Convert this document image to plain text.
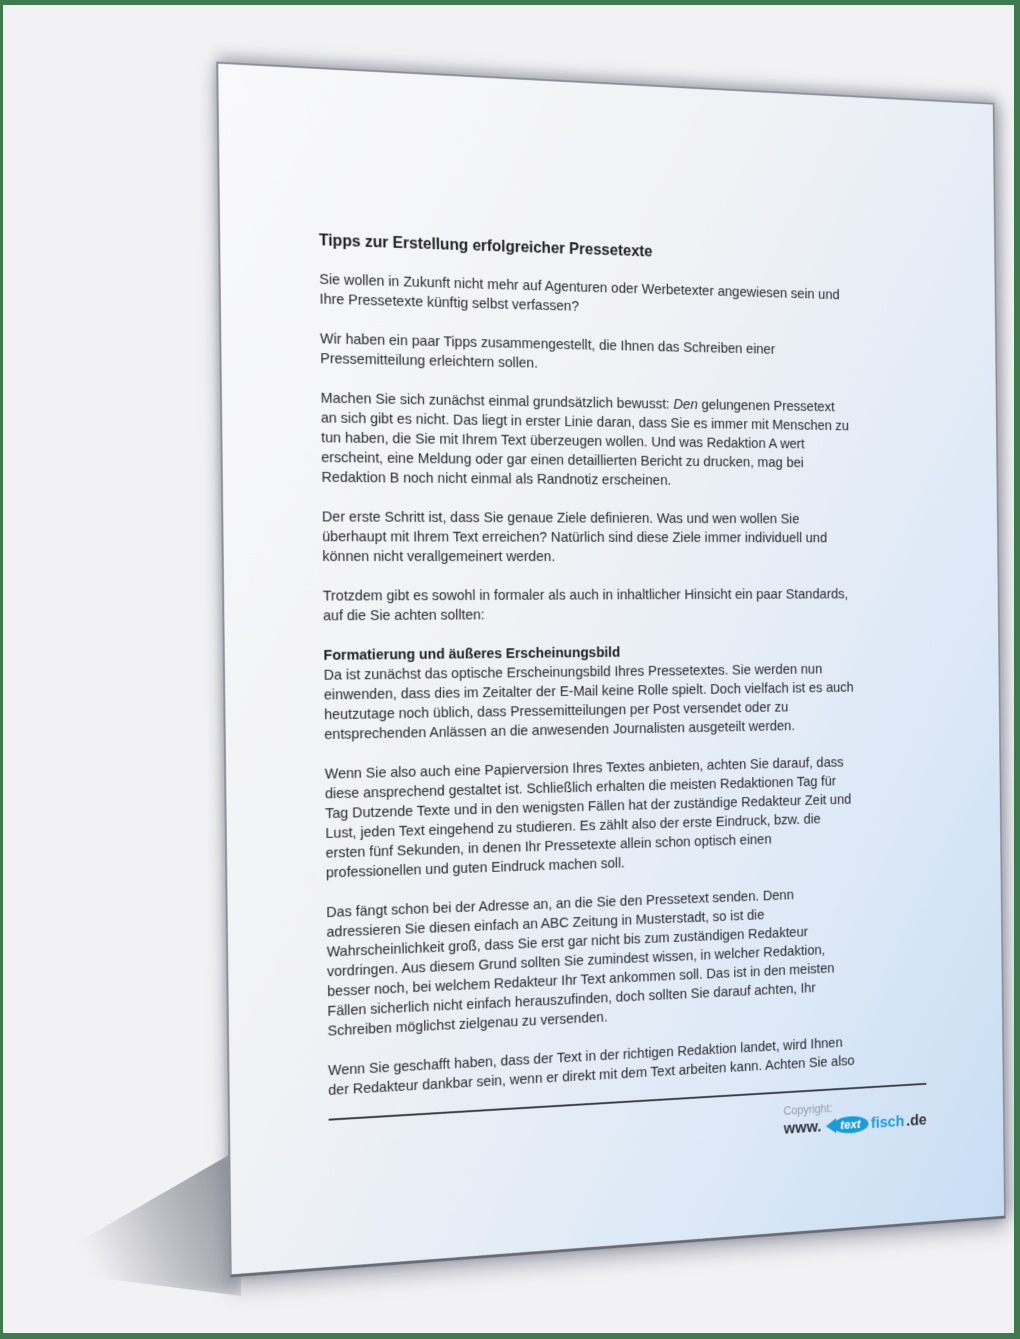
Tipps zur Erstellung erfolgreicher Pressetexte

Sie wollen in Zukunft nicht mehr auf Agenturen oder Werbetexter angewiesen sein und
Ihre Pressetexte künftig selbst verfassen?

Wir haben ein paar Tipps zusammengestellt, die Ihnen das Schreiben einer
Pressemitteilung erleichtern sollen.

Machen Sie sich zunächst einmal grundsätzlich bewusst: Den gelungenen Pressetext
an sich gibt es nicht. Das liegt in erster Linie daran, dass Sie es immer mit Menschen zu
tun haben, die Sie mit Ihrem Text überzeugen wollen. Und was Redaktion A wert
erscheint, eine Meldung oder gar einen detaillierten Bericht zu drucken, mag bei
Redaktion B noch nicht einmal als Randnotiz erscheinen.

Der erste Schritt ist, dass Sie genaue Ziele definieren. Was und wen wollen Sie
überhaupt mit Ihrem Text erreichen? Natürlich sind diese Ziele immer individuell und
können nicht verallgemeinert werden.

Trotzdem gibt es sowohl in formaler als auch in inhaltlicher Hinsicht ein paar Standards,
auf die Sie achten sollten:

Formatierung und äußeres Erscheinungsbild

Da ist zunächst das optische Erscheinungsbild Ihres Pressetextes. Sie werden nun
einwenden, dass dies im Zeitalter der E-Mail keine Rolle spielt. Doch vielfach ist es auch
heutzutage noch üblich, dass Pressemitteilungen per Post versendet oder zu
entsprechenden Anlässen an die anwesenden Journalisten ausgeteilt werden.

Wenn Sie also auch eine Papierversion Ihres Textes anbieten, achten Sie darauf, dass
diese ansprechend gestaltet ist. Schließlich erhalten die meisten Redaktionen Tag für
Tag Dutzende Texte und in den wenigsten Fällen hat der zuständige Redakteur Zeit und
Lust, jeden Text eingehend zu studieren. Es zählt also der erste Eindruck, bzw. die
ersten fünf Sekunden, in denen Ihr Pressetexte allein schon optisch einen
professionellen und guten Eindruck machen soll.

Das fängt schon bei der Adresse an, an die Sie den Pressetext senden. Denn
adressieren Sie diesen einfach an ABC Zeitung in Musterstadt, so ist die
Wahrscheinlichkeit groß, dass Sie erst gar nicht bis zum zuständigen Redakteur
vordringen. Aus diesem Grund sollten Sie zumindest wissen, in welcher Redaktion,
besser noch, bei welchem Redakteur Ihr Text ankommen soll. Das ist in den meisten
Fällen sicherlich nicht einfach herauszufinden, doch sollten Sie darauf achten, Ihr
Schreiben möglichst zielgenau zu versenden.

Wenn Sie geschafft haben, dass der Text in der richtigen Redaktion landet, wird Ihnen
der Redakteur dankbar sein, wenn er direkt mit dem Text arbeiten kann. Achten Sie also

Copyright:
www.	text fisch .de
